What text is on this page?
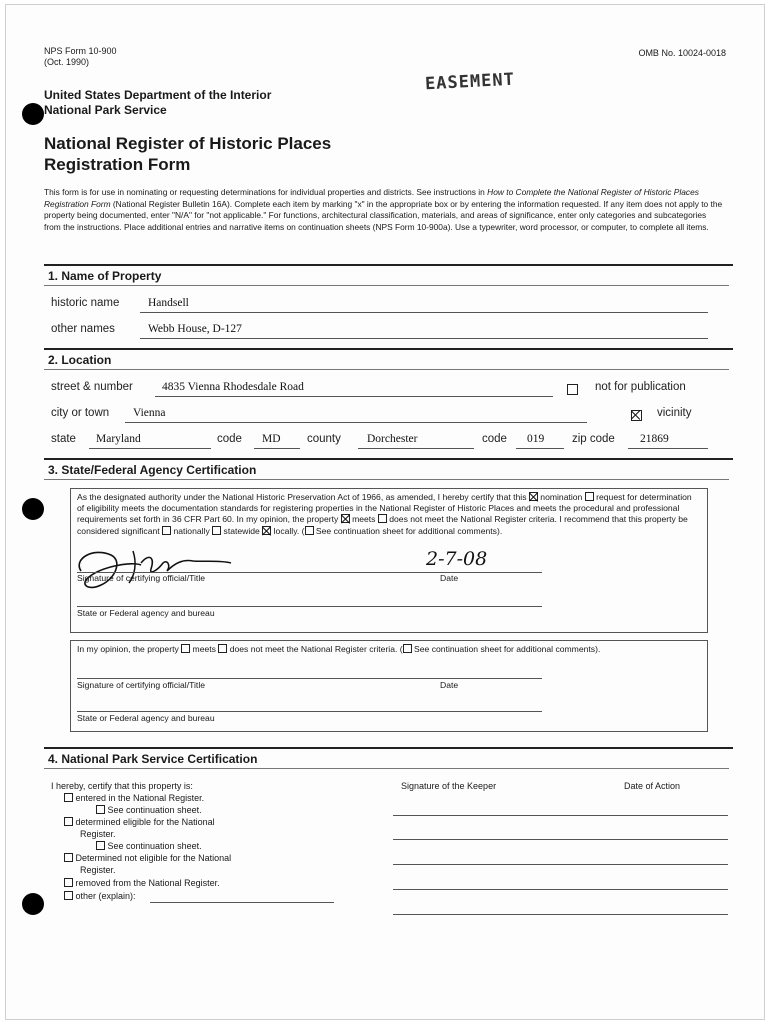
NPS Form 10-900
(Oct. 1990)
OMB No. 10024-0018
EASEMENT
United States Department of the Interior
National Park Service
National Register of Historic Places
Registration Form
This form is for use in nominating or requesting determinations for individual properties and districts. See instructions in How to Complete the National Register of Historic Places Registration Form (National Register Bulletin 16A). Complete each item by marking "x" in the appropriate box or by entering the information requested. If any item does not apply to the property being documented, enter "N/A" for "not applicable." For functions, architectural classification, materials, and areas of significance, enter only categories and subcategories from the instructions. Place additional entries and narrative items on continuation sheets (NPS Form 10-900a). Use a typewriter, word processor, or computer, to complete all items.
1. Name of Property
historic name Handsell
other names	Webb House, D-127
2. Location
street & number	4835 Vienna Rhodesdale Road	not for publication
city or town Vienna	vicinity
state Maryland	code MD county Dorchester	code 019 zip code 21869
3. State/Federal Agency Certification
As the designated authority under the National Historic Preservation Act of 1966, as amended, I hereby certify that this nomination request for determination of eligibility meets the documentation standards for registering properties in the National Register of Historic Places and meets the procedural and professional requirements set forth in 36 CFR Part 60. In my opinion, the property meets does not meet the National Register criteria. I recommend that this property be considered significant nationally statewide locally. ( See continuation sheet for additional comments).
2-7-08
Signature of certifying official/Title	Date
State or Federal agency and bureau
In my opinion, the property meets does not meet the National Register criteria. ( See continuation sheet for additional comments).
Signature of certifying official/Title	Date
State or Federal agency and bureau
4. National Park Service Certification
I hereby, certify that this property is:
entered in the National Register.
See continuation sheet.
determined eligible for the National
Register.
See continuation sheet.
Determined not eligible for the National
Register.
removed from the National Register.
other (explain):
Signature of the Keeper	Date of Action
